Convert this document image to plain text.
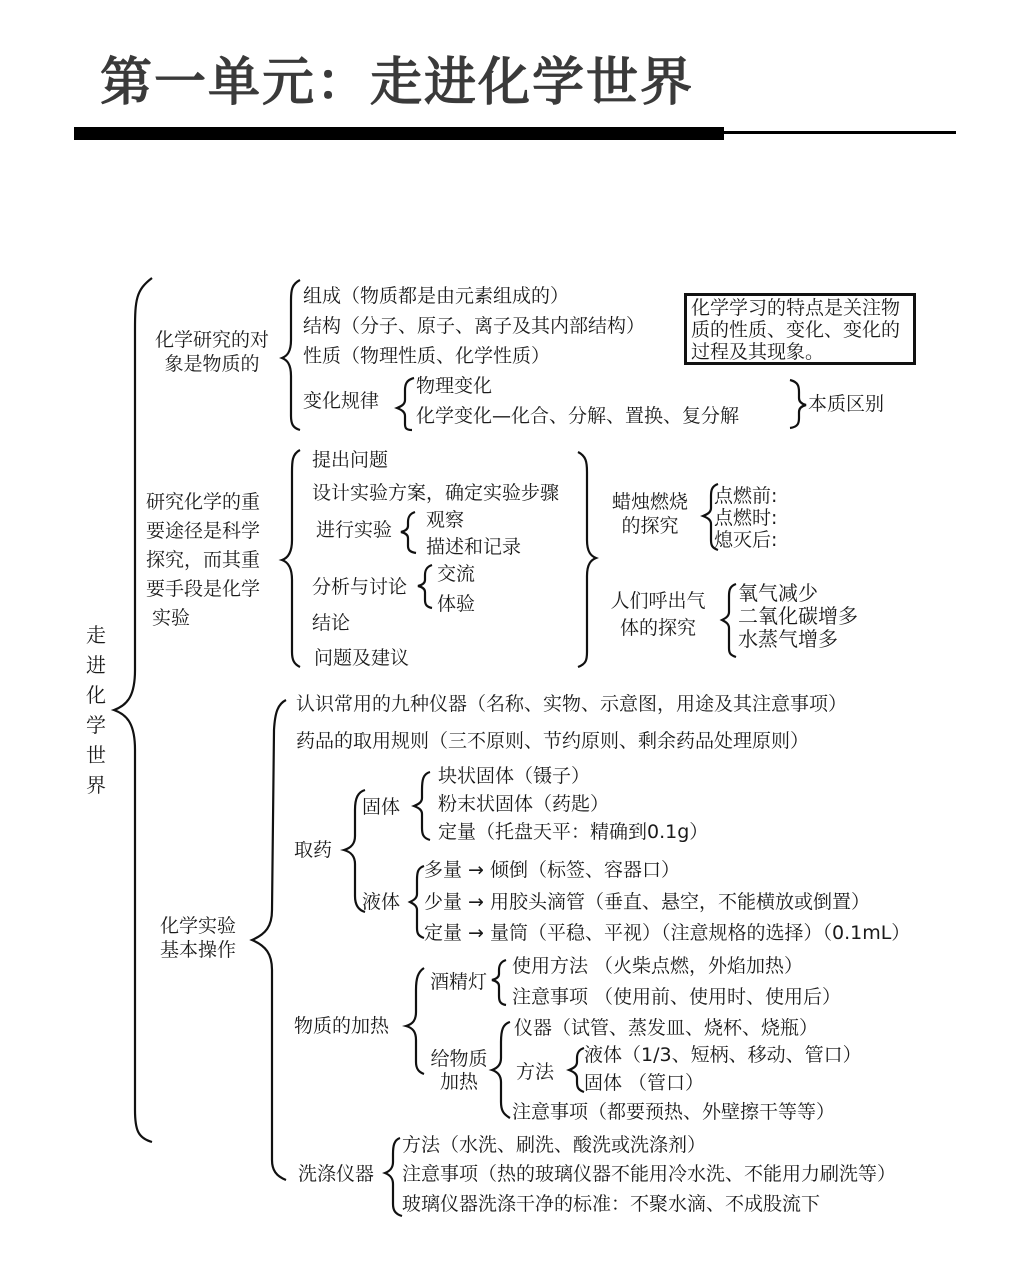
第一单元：走进化学世界
走
进
化
学
世
界
化学研究的对
象是物质的
组成（物质都是由元素组成的）
结构（分子、原子、离子及其内部结构）
性质（物理性质、化学性质）
变化规律
物理变化
化学变化—化合、分解、置换、复分解
本质区别
化学学习的特点是关注物质的性质、变化、变化的过程及其现象。
研究化学的重
要途径是科学
探究，而其重
要手段是化学
实验
提出问题
设计实验方案，确定实验步骤
进行实验 观察
描述和记录
分析与讨论
交流
体验
结论
问题及建议
蜡烛燃烧
的探究
点燃前:
点燃时:
熄灭后:
人们呼出气
体的探究
氧气减少
二氧化碳增多
水蒸气增多
化学实验
基本操作
认识常用的九种仪器（名称、实物、示意图，用途及其注意事项）
药品的取用规则（三不原则、节约原则、剩余药品处理原则）
取药
固体
块状固体（镊子）
粉末状固体（药匙）
定量（托盘天平：精确到0.1g）
液体
多量 → 倾倒（标签、容器口）
少量 → 用胶头滴管（垂直、悬空，不能横放或倒置）
定量 → 量筒（平稳、平视）（注意规格的选择）（0.1mL）
物质的加热
酒精灯
使用方法 （火柴点燃，外焰加热）
注意事项 （使用前、使用时、使用后）
给物质
加热
仪器（试管、蒸发皿、烧杯、烧瓶）
方法
液体（1/3、短柄、移动、管口）
固体 （管口）
注意事项（都要预热、外壁擦干等等）
洗涤仪器
方法（水洗、刷洗、酸洗或洗涤剂）
注意事项（热的玻璃仪器不能用冷水洗、不能用力刷洗等）
玻璃仪器洗涤干净的标准：不聚水滴、不成股流下
